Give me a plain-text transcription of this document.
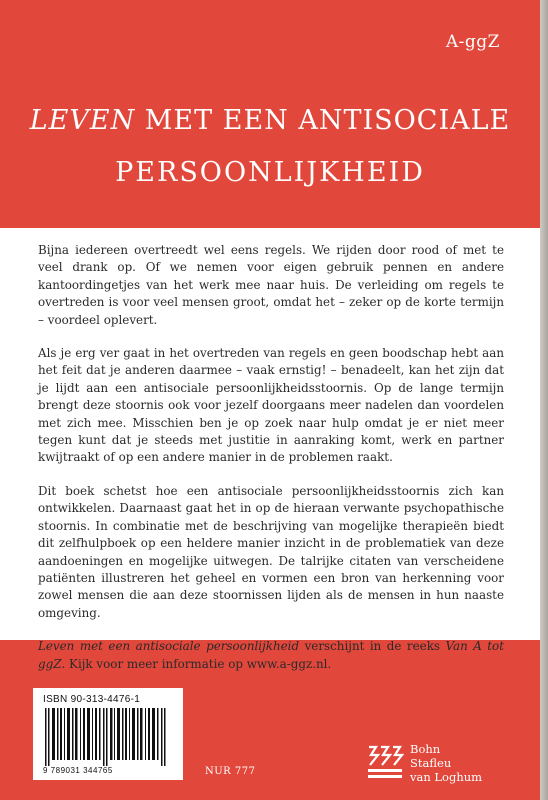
A-ggZ
LEVEN MET EEN ANTISOCIALE
PERSOONLIJKHEID

Bijna iedereen overtreedt wel eens regels. We rijden door rood of met te veel drank op. Of we nemen voor eigen gebruik pennen en andere kantoordingetjes van het werk mee naar huis. De verleiding om regels te overtreden is voor veel mensen groot, omdat het – zeker op de korte termijn – voordeel oplevert.

Als je erg ver gaat in het overtreden van regels en geen boodschap hebt aan het feit dat je anderen daarmee – vaak ernstig! – benadeelt, kan het zijn dat je lijdt aan een antisociale persoonlijkheidsstoornis. Op de lange termijn brengt deze stoornis ook voor jezelf doorgaans meer nadelen dan voordelen met zich mee. Misschien ben je op zoek naar hulp omdat je er niet meer tegen kunt dat je steeds met justitie in aanraking komt, werk en partner kwijtraakt of op een andere manier in de problemen raakt.

Dit boek schetst hoe een antisociale persoonlijkheidsstoornis zich kan ontwikkelen. Daarnaast gaat het in op de hieraan verwante psychopathische stoornis. In combinatie met de beschrijving van mogelijke therapieën biedt dit zelfhulpboek op een heldere manier inzicht in de problematiek van deze aandoeningen en mogelijke uitwegen. De talrijke citaten van verscheidene patiënten illustreren het geheel en vormen een bron van herkenning voor zowel mensen die aan deze stoornissen lijden als de mensen in hun naaste omgeving.

Leven met een antisociale persoonlijkheid verschijnt in de reeks Van A tot ggZ. Kijk voor meer informatie op www.a-ggz.nl.

ISBN 90-313-4476-1
9 789031 344765	NUR 777
Bohn
Stafleu
van Loghum
